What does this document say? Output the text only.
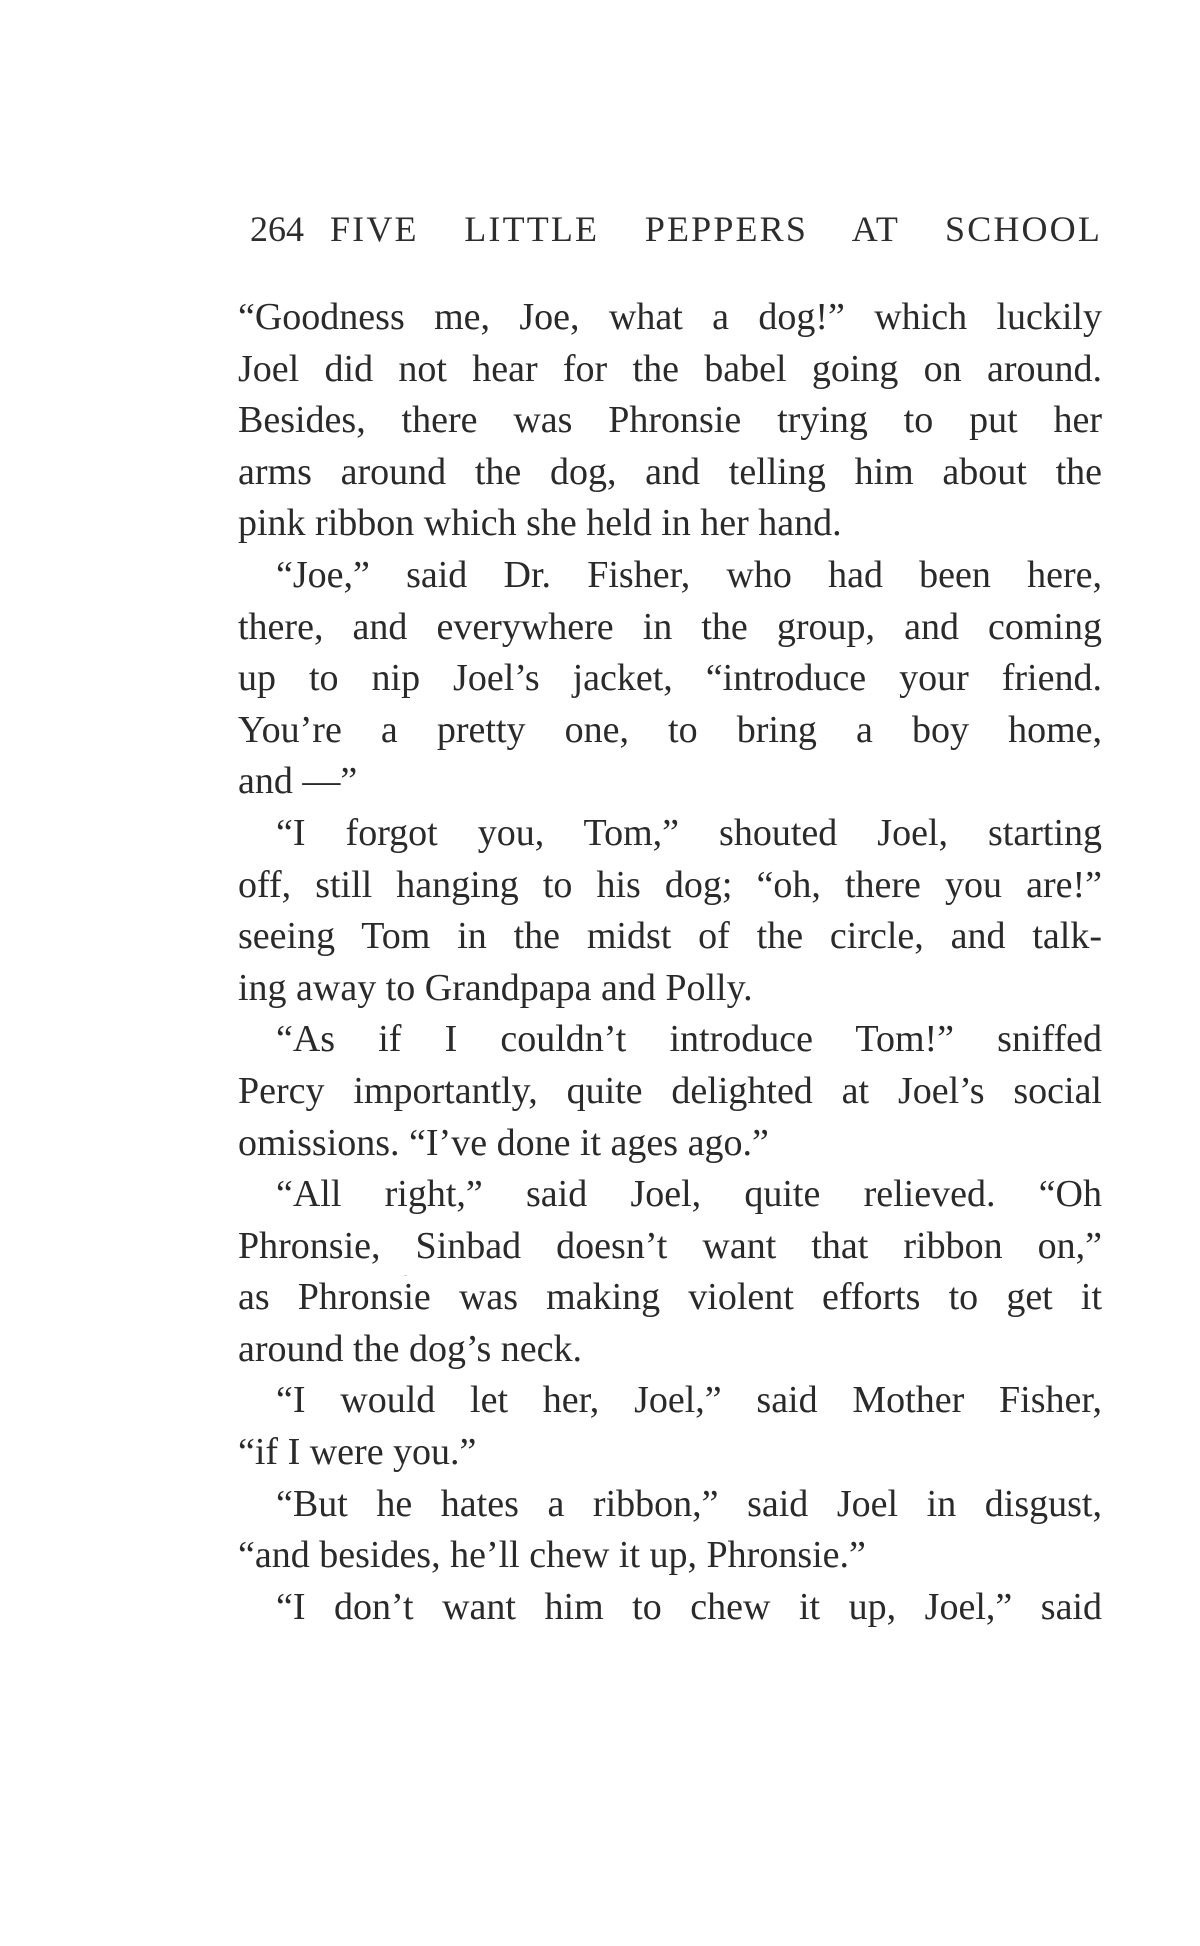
264 FIVE LITTLE PEPPERS AT SCHOOL
“Goodness me, Joe, what a dog!” which luckily
Joel did not hear for the babel going on around.
Besides, there was Phronsie trying to put her
arms around the dog, and telling him about the
pink ribbon which she held in her hand.
“Joe,” said Dr. Fisher, who had been here,
there, and everywhere in the group, and coming
up to nip Joel’s jacket, “introduce your friend.
You’re a pretty one, to bring a boy home,
and —”
“I forgot you, Tom,” shouted Joel, starting
off, still hanging to his dog; “oh, there you are!”
seeing Tom in the midst of the circle, and talk-
ing away to Grandpapa and Polly.
“As if I couldn’t introduce Tom!” sniffed
Percy importantly, quite delighted at Joel’s social
omissions. “I’ve done it ages ago.”
“All right,” said Joel, quite relieved. “Oh
Phronsie, Sinbad doesn’t want that ribbon on,”
as Phronsie was making violent efforts to get it
around the dog’s neck.
“I would let her, Joel,” said Mother Fisher,
“if I were you.”
“But he hates a ribbon,” said Joel in disgust,
“and besides, he’ll chew it up, Phronsie.”
“I don’t want him to chew it up, Joel,” said
